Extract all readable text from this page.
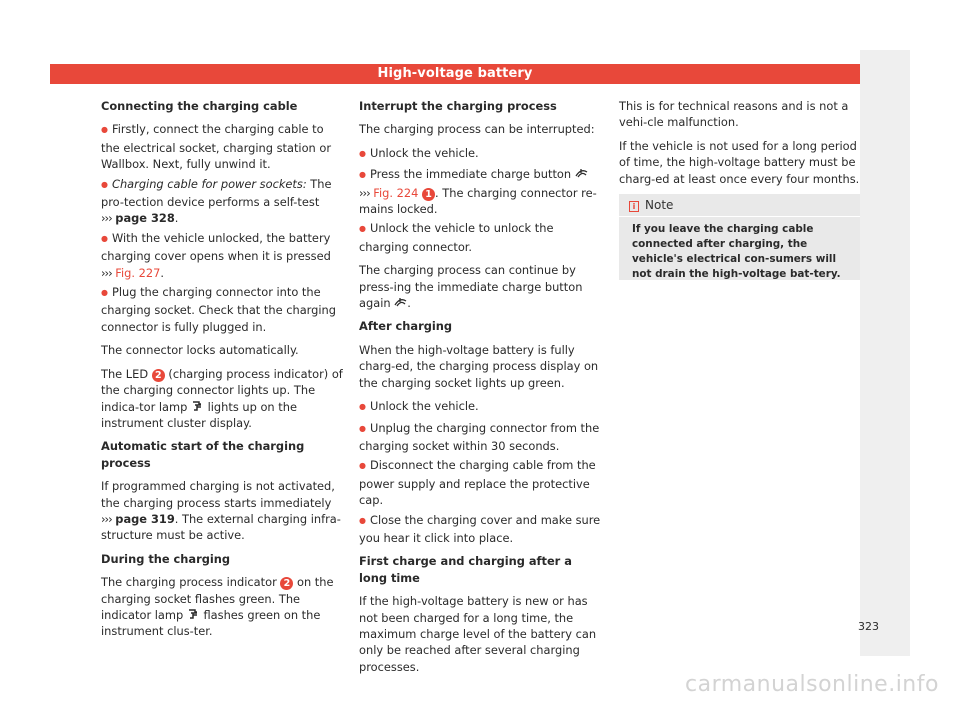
High-voltage battery

Connecting the charging cable

● Firstly, connect the charging cable to the electrical socket, charging station or Wallbox. Next, fully unwind it.

● Charging cable for power sockets: The pro-tection device performs a self-test
››› page 328.

● With the vehicle unlocked, the battery charging cover opens when it is pressed
››› Fig. 227.

● Plug the charging connector into the charging socket. Check that the charging connector is fully plugged in.

The connector locks automatically.

The LED 2 (charging process indicator) of the charging connector lights up. The indica-tor lamp lights up on the instrument cluster display.

Automatic start of the charging process

If programmed charging is not activated, the charging process starts immediately
››› page 319. The external charging infra-structure must be active.

During the charging

The charging process indicator 2 on the charging socket flashes green. The indicator lamp flashes green on the instrument clus-ter.

Interrupt the charging process

The charging process can be interrupted:

● Unlock the vehicle.

● Press the immediate charge button
››› Fig. 224 1 . The charging connector re-mains locked.

● Unlock the vehicle to unlock the charging connector.

The charging process can continue by press-ing the immediate charge button again .

After charging

When the high-voltage battery is fully charg-ed, the charging process display on the charging socket lights up green.

● Unlock the vehicle.

● Unplug the charging connector from the charging socket within 30 seconds.

● Disconnect the charging cable from the power supply and replace the protective cap.

● Close the charging cover and make sure you hear it click into place.

First charge and charging after a long time

If the high-voltage battery is new or has not been charged for a long time, the maximum charge level of the battery can only be reached after several charging processes.

This is for technical reasons and is not a vehi-cle malfunction.

If the vehicle is not used for a long period of time, the high-voltage battery must be charg-ed at least once every four months.

i Note
If you leave the charging cable connected after charging, the vehicle's electrical con-sumers will not drain the high-voltage bat-tery.
323
carmanualsonline.info
